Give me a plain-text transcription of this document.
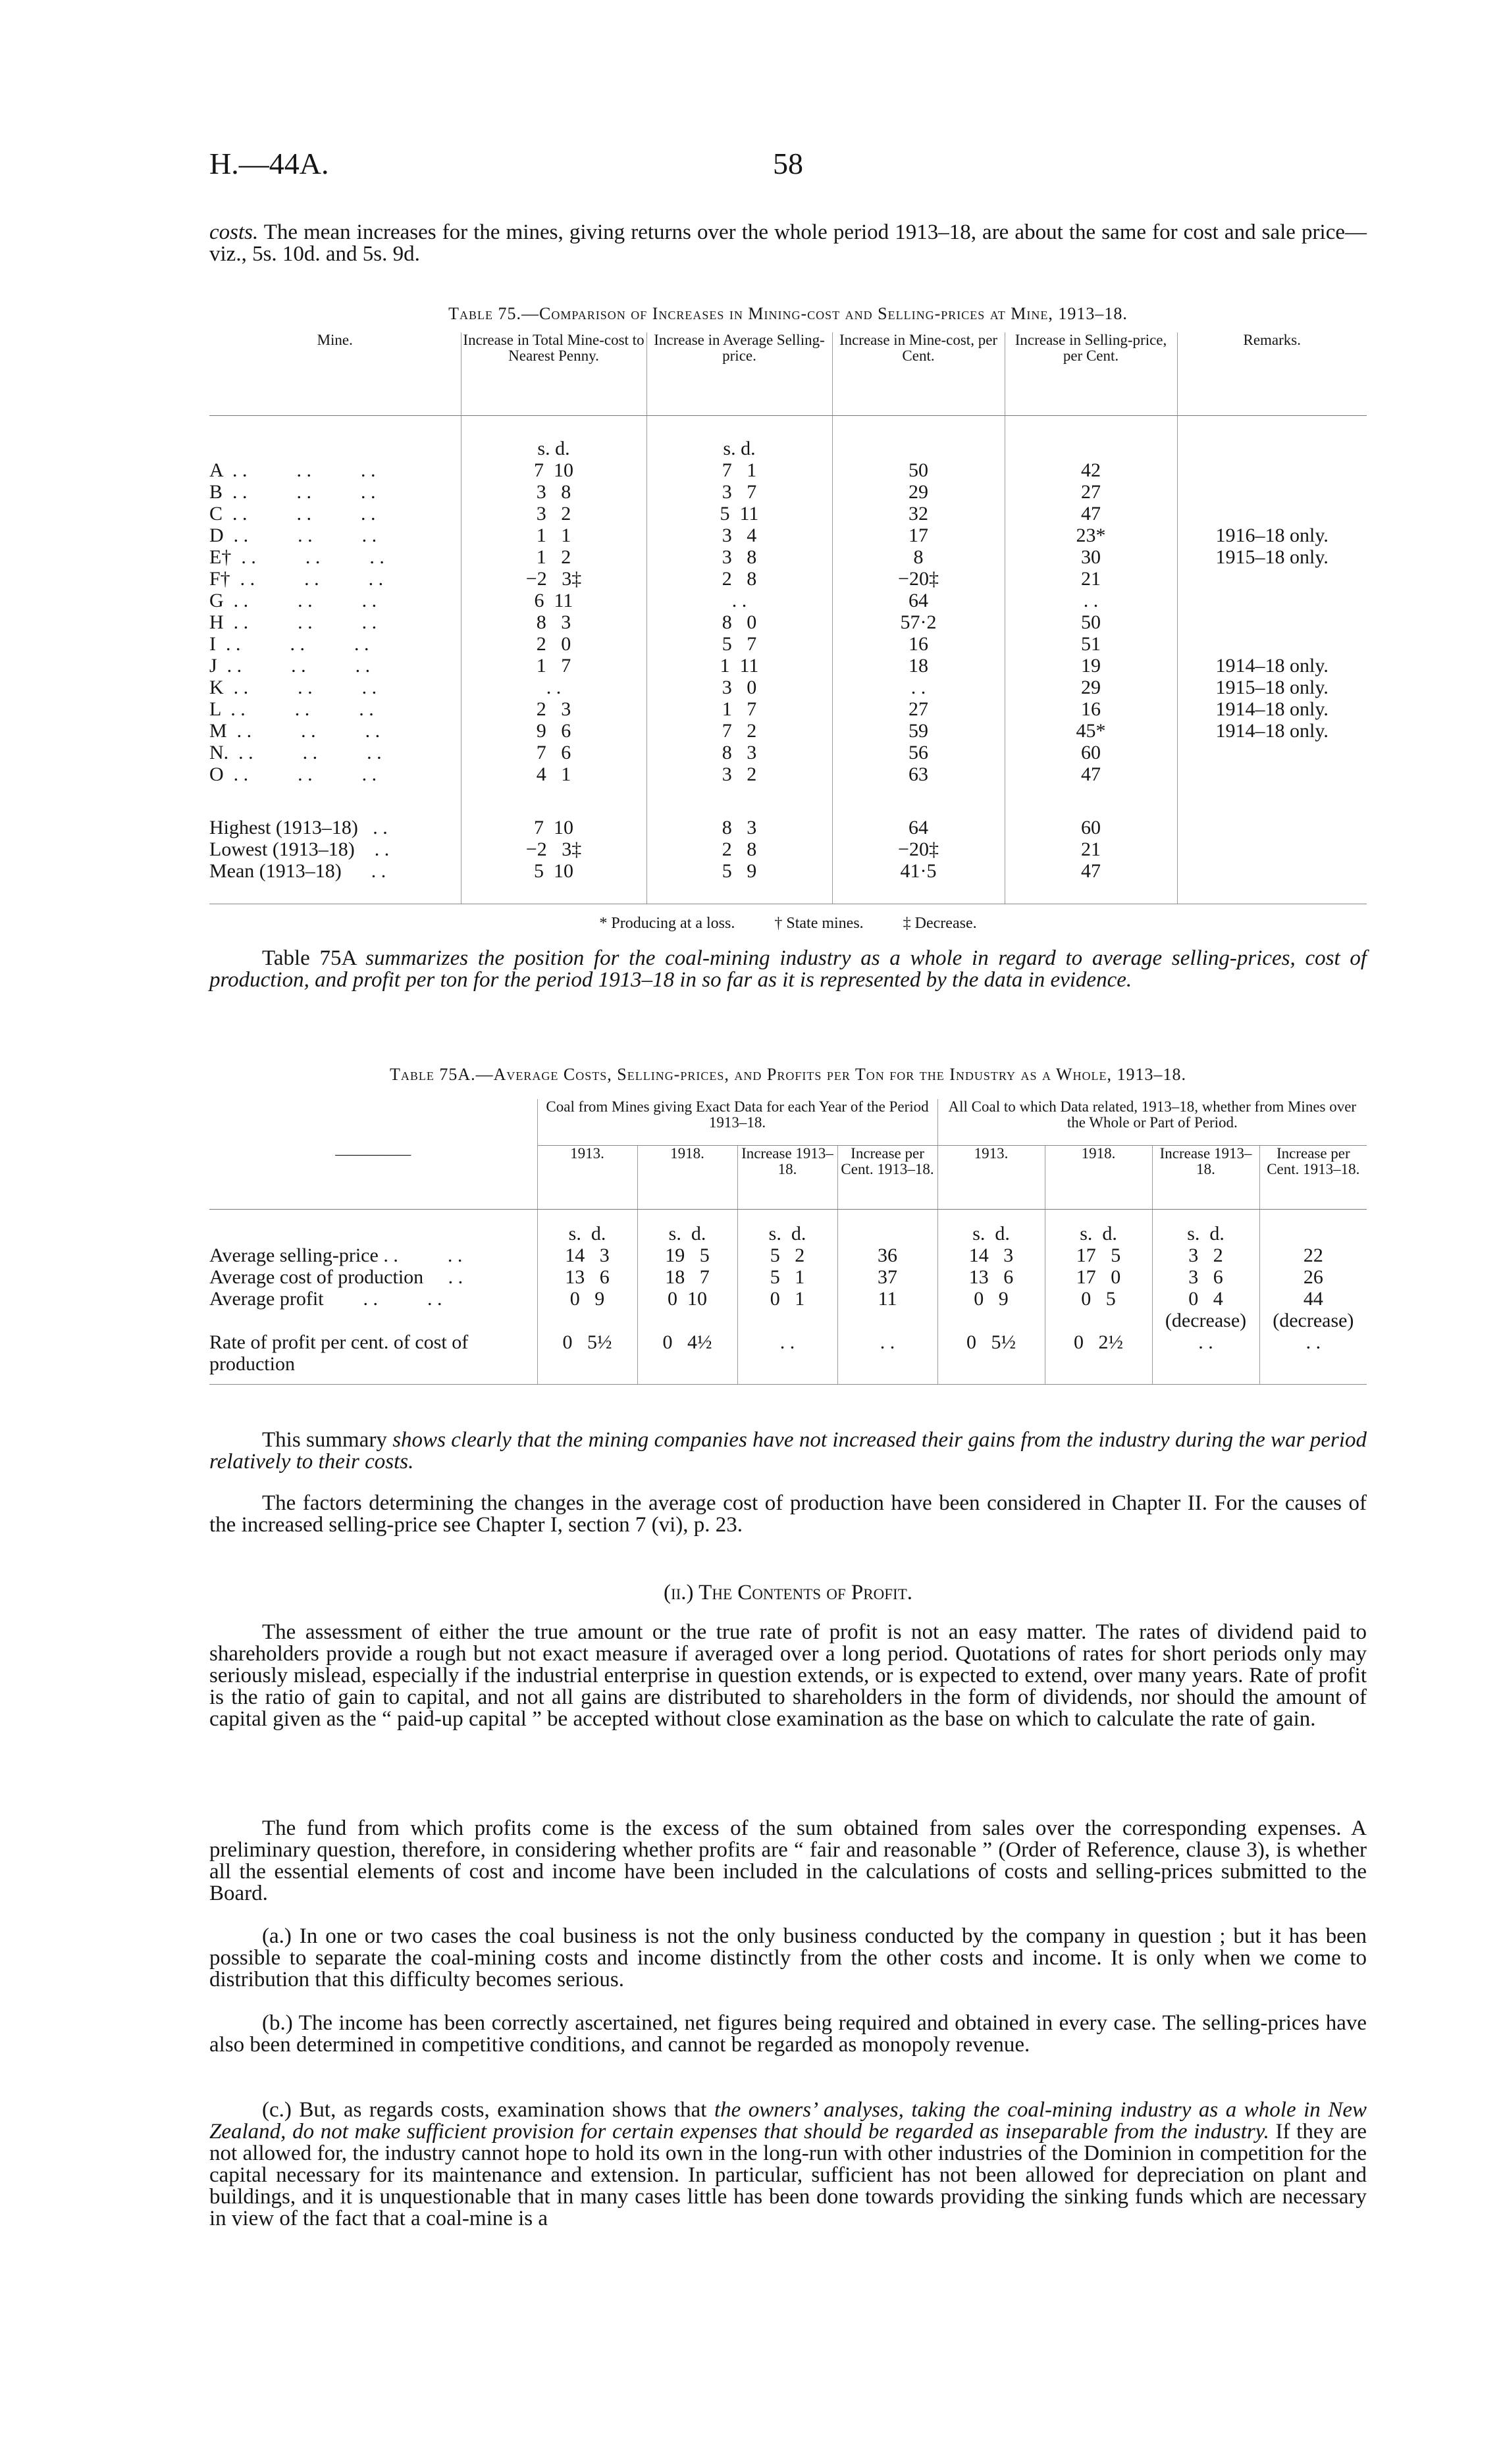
H.—44A.	58

costs. The mean increases for the mines, giving returns over the whole period 1913–18, are about the same for cost and sale price—viz., 5s. 10d. and 5s. 9d.

Table 75.—Comparison of Increases in Mining-cost and Selling-prices at Mine, 1913–18.
Mine.	Increase in Total Mine-cost to Nearest Penny.	Increase in Average Selling-price.	Increase in Mine-cost, per Cent.	Increase in Selling-price, per Cent.	Remarks.

	s. d.	s. d.			
A  . .          . .          . .	7  10	7   1	50	42	
B  . .          . .          . .	3   8	3   7	29	27	
C  . .          . .          . .	3   2	5  11	32	47	
D  . .          . .          . .	1   1	3   4	17	23*	1916–18 only.
E†  . .          . .          . .	1   2	3   8	8	30	1915–18 only.
F†  . .          . .          . .	−2   3‡	2   8	−20‡	21	
G  . .          . .          . .	6  11	. .	64	. .	
H  . .          . .          . .	8   3	8   0	57·2	50	
I  . .          . .          . .	2   0	5   7	16	51	
J  . .          . .          . .	1   7	1  11	18	19	1914–18 only.
K  . .          . .          . .	. .	3   0	. .	29	1915–18 only.
L  . .          . .          . .	2   3	1   7	27	16	1914–18 only.
M  . .          . .          . .	9   6	7   2	59	45*	1914–18 only.
N.  . .          . .          . .	7   6	8   3	56	60	
O  . .          . .          . .	4   1	3   2	63	47	

Highest (1913–18)   . .	7  10	8   3	64	60	
Lowest (1913–18)    . .	−2   3‡	2   8	−20‡	21	
Mean (1913–18)      . .	5  10	5   9	41·5	47	

* Producing at a loss.          † State mines.          ‡ Decrease.

Table 75A summarizes the position for the coal-mining industry as a whole in regard to average selling-prices, cost of production, and profit per ton for the period 1913–18 in so far as it is represented by the data in evidence.

Table 75A.—Average Costs, Selling-prices, and Profits per Ton for the Industry as a Whole, 1913–18.
—————	Coal from Mines giving Exact Data for each Year of the Period 1913–18.				All Coal to which Data related, 1913–18, whether from Mines over the Whole or Part of Period.			
	1913.	1918.	Increase 1913–18.	Increase per Cent. 1913–18.	1913.	1918.	Increase 1913–18.	Increase per Cent. 1913–18.

	s.  d.	s.  d.	s.  d.		s.  d.	s.  d.	s.  d.	
Average selling-price . .          . .	14   3	19   5	5   2	36	14   3	17   5	3   2	22
Average cost of production     . .	13   6	18   7	5   1	37	13   6	17   0	3   6	26
Average profit        . .          . .	0   9	0  10	0   1	11	0   9	0   5	0   4	44
							(decrease)	(decrease)
Rate of profit per cent. of cost of production	0   5½	0   4½	. .	. .	0   5½	0   2½	. .	. .

This summary shows clearly that the mining companies have not increased their gains from the industry during the war period relatively to their costs.

The factors determining the changes in the average cost of production have been considered in Chapter II. For the causes of the increased selling-price see Chapter I, section 7 (vi), p. 23.

(ii.) The Contents of Profit.

The assessment of either the true amount or the true rate of profit is not an easy matter. The rates of dividend paid to shareholders provide a rough but not exact measure if averaged over a long period. Quotations of rates for short periods only may seriously mislead, especially if the industrial enterprise in question extends, or is expected to extend, over many years. Rate of profit is the ratio of gain to capital, and not all gains are distributed to shareholders in the form of dividends, nor should the amount of capital given as the “ paid-up capital ” be accepted without close examination as the base on which to calculate the rate of gain.

The fund from which profits come is the excess of the sum obtained from sales over the corresponding expenses. A preliminary question, therefore, in considering whether profits are “ fair and reasonable ” (Order of Reference, clause 3), is whether all the essential elements of cost and income have been included in the calculations of costs and selling-prices submitted to the Board.

(a.) In one or two cases the coal business is not the only business conducted by the company in question ; but it has been possible to separate the coal-mining costs and income distinctly from the other costs and income. It is only when we come to distribution that this difficulty becomes serious.

(b.) The income has been correctly ascertained, net figures being required and obtained in every case. The selling-prices have also been determined in competitive conditions, and cannot be regarded as monopoly revenue.

(c.) But, as regards costs, examination shows that the owners’ analyses, taking the coal-mining industry as a whole in New Zealand, do not make sufficient provision for certain expenses that should be regarded as inseparable from the industry. If they are not allowed for, the industry cannot hope to hold its own in the long-run with other industries of the Dominion in competition for the capital necessary for its maintenance and extension. In particular, sufficient has not been allowed for depreciation on plant and buildings, and it is unquestionable that in many cases little has been done towards providing the sinking funds which are necessary in view of the fact that a coal-mine is a
